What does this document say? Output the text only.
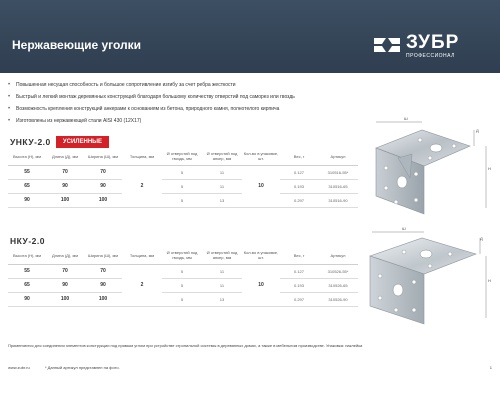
Нержавеющие уголки	ЗУБР
ПРОФЕССИОНАЛ
• Повышенная несущая способность и большое сопротивление изгибу за счет ребра жесткости
• Быстрый и легкий монтаж деревянных конструкций благодаря большому количеству отверстий под саморез или гвоздь
• Возможность крепления конструкций анкерами к основаниям из бетона, природного камня, полнотелого кирпича
• Изготовлены из нержавеющей стали AISI 430 (12Х17)
УНКУ-2.0	УСИЛЕННЫЕ
Высота (Н), мм	Длина (Д), мм	Ширина (Ш), мм	Толщина, мм	Ø отверстий под гвоздь, мм	Ø отверстий под анкер, мм	Кол-во в упаковке, шт.	Вес, г	Артикул
55	70	70	2	5	11	10	0.127	310516-55*
65	90	90		5	11		0.193	310516-65
90	100	100		5	13		0.297	310516-90
Ш
Д
Н
НКУ-2.0
Высота (Н), мм	Длина (Д), мм	Ширина (Ш), мм	Толщина, мм	Ø отверстий под гвоздь, мм	Ø отверстий под анкер, мм	Кол-во в упаковке, шт.	Вес, г	Артикул
55	70	70	2	5	11	10	0.127	310526-55*
65	90	90		5	11		0.193	310526-65
90	100	100		5	13		0.297	310526-90
Ш
Д
Н
Применяются для соединения элементов конструкции под прямым углом при устройстве стропильной системы в деревянных домах, а также в мебельном производстве. Упаковка: наклейка
www.zubr.ru	* Данный артикул представлен на фото.	1
